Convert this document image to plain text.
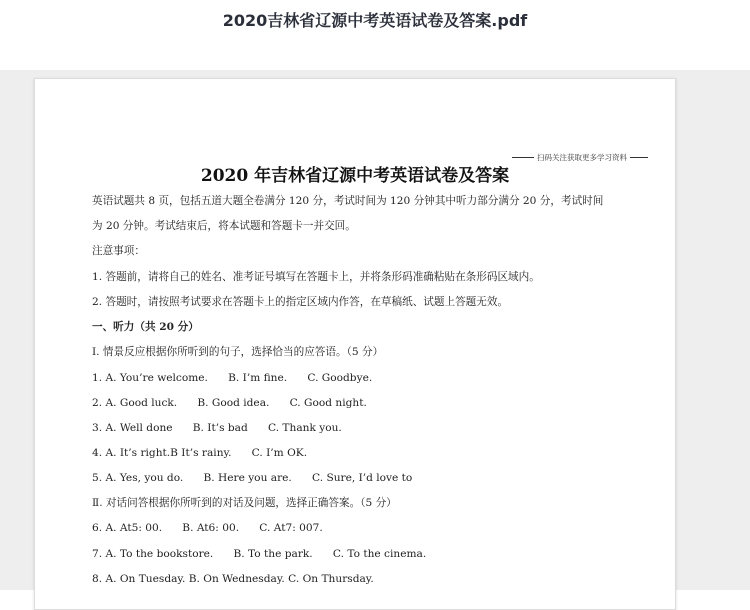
2020吉林省辽源中考英语试卷及答案.pdf
扫码关注获取更多学习资料
2020 年吉林省辽源中考英语试卷及答案
英语试题共 8 页，包括五道大题全卷满分 120 分，考试时间为 120 分钟其中听力部分满分 20 分，考试时间
为 20 分钟。考试结束后，将本试题和答题卡一并交回。
注意事项：
1. 答题前，请将自己的姓名、准考证号填写在答题卡上，并将条形码准确粘贴在条形码区域内。
2. 答题时，请按照考试要求在答题卡上的指定区域内作答，在草稿纸、试题上答题无效。
一、听力（共 20 分）
Ⅰ. 情景反应根据你所听到的句子，选择恰当的应答语。（5 分）
1. A. You’re welcome.      B. I’m fine.      C. Goodbye.
2. A. Good luck.      B. Good idea.      C. Good night.
3. A. Well done      B. It’s bad      C. Thank you.
4. A. It’s right.B It’s rainy.      C. I’m OK.
5. A. Yes, you do.      B. Here you are.      C. Sure, I’d love to
Ⅱ. 对话问答根据你所听到的对话及问题，选择正确答案。（5 分）
6. A. At5: 00.      B. At6: 00.      C. At7: 007.
7. A. To the bookstore.      B. To the park.      C. To the cinema.
8. A. On Tuesday. B. On Wednesday. C. On Thursday.
